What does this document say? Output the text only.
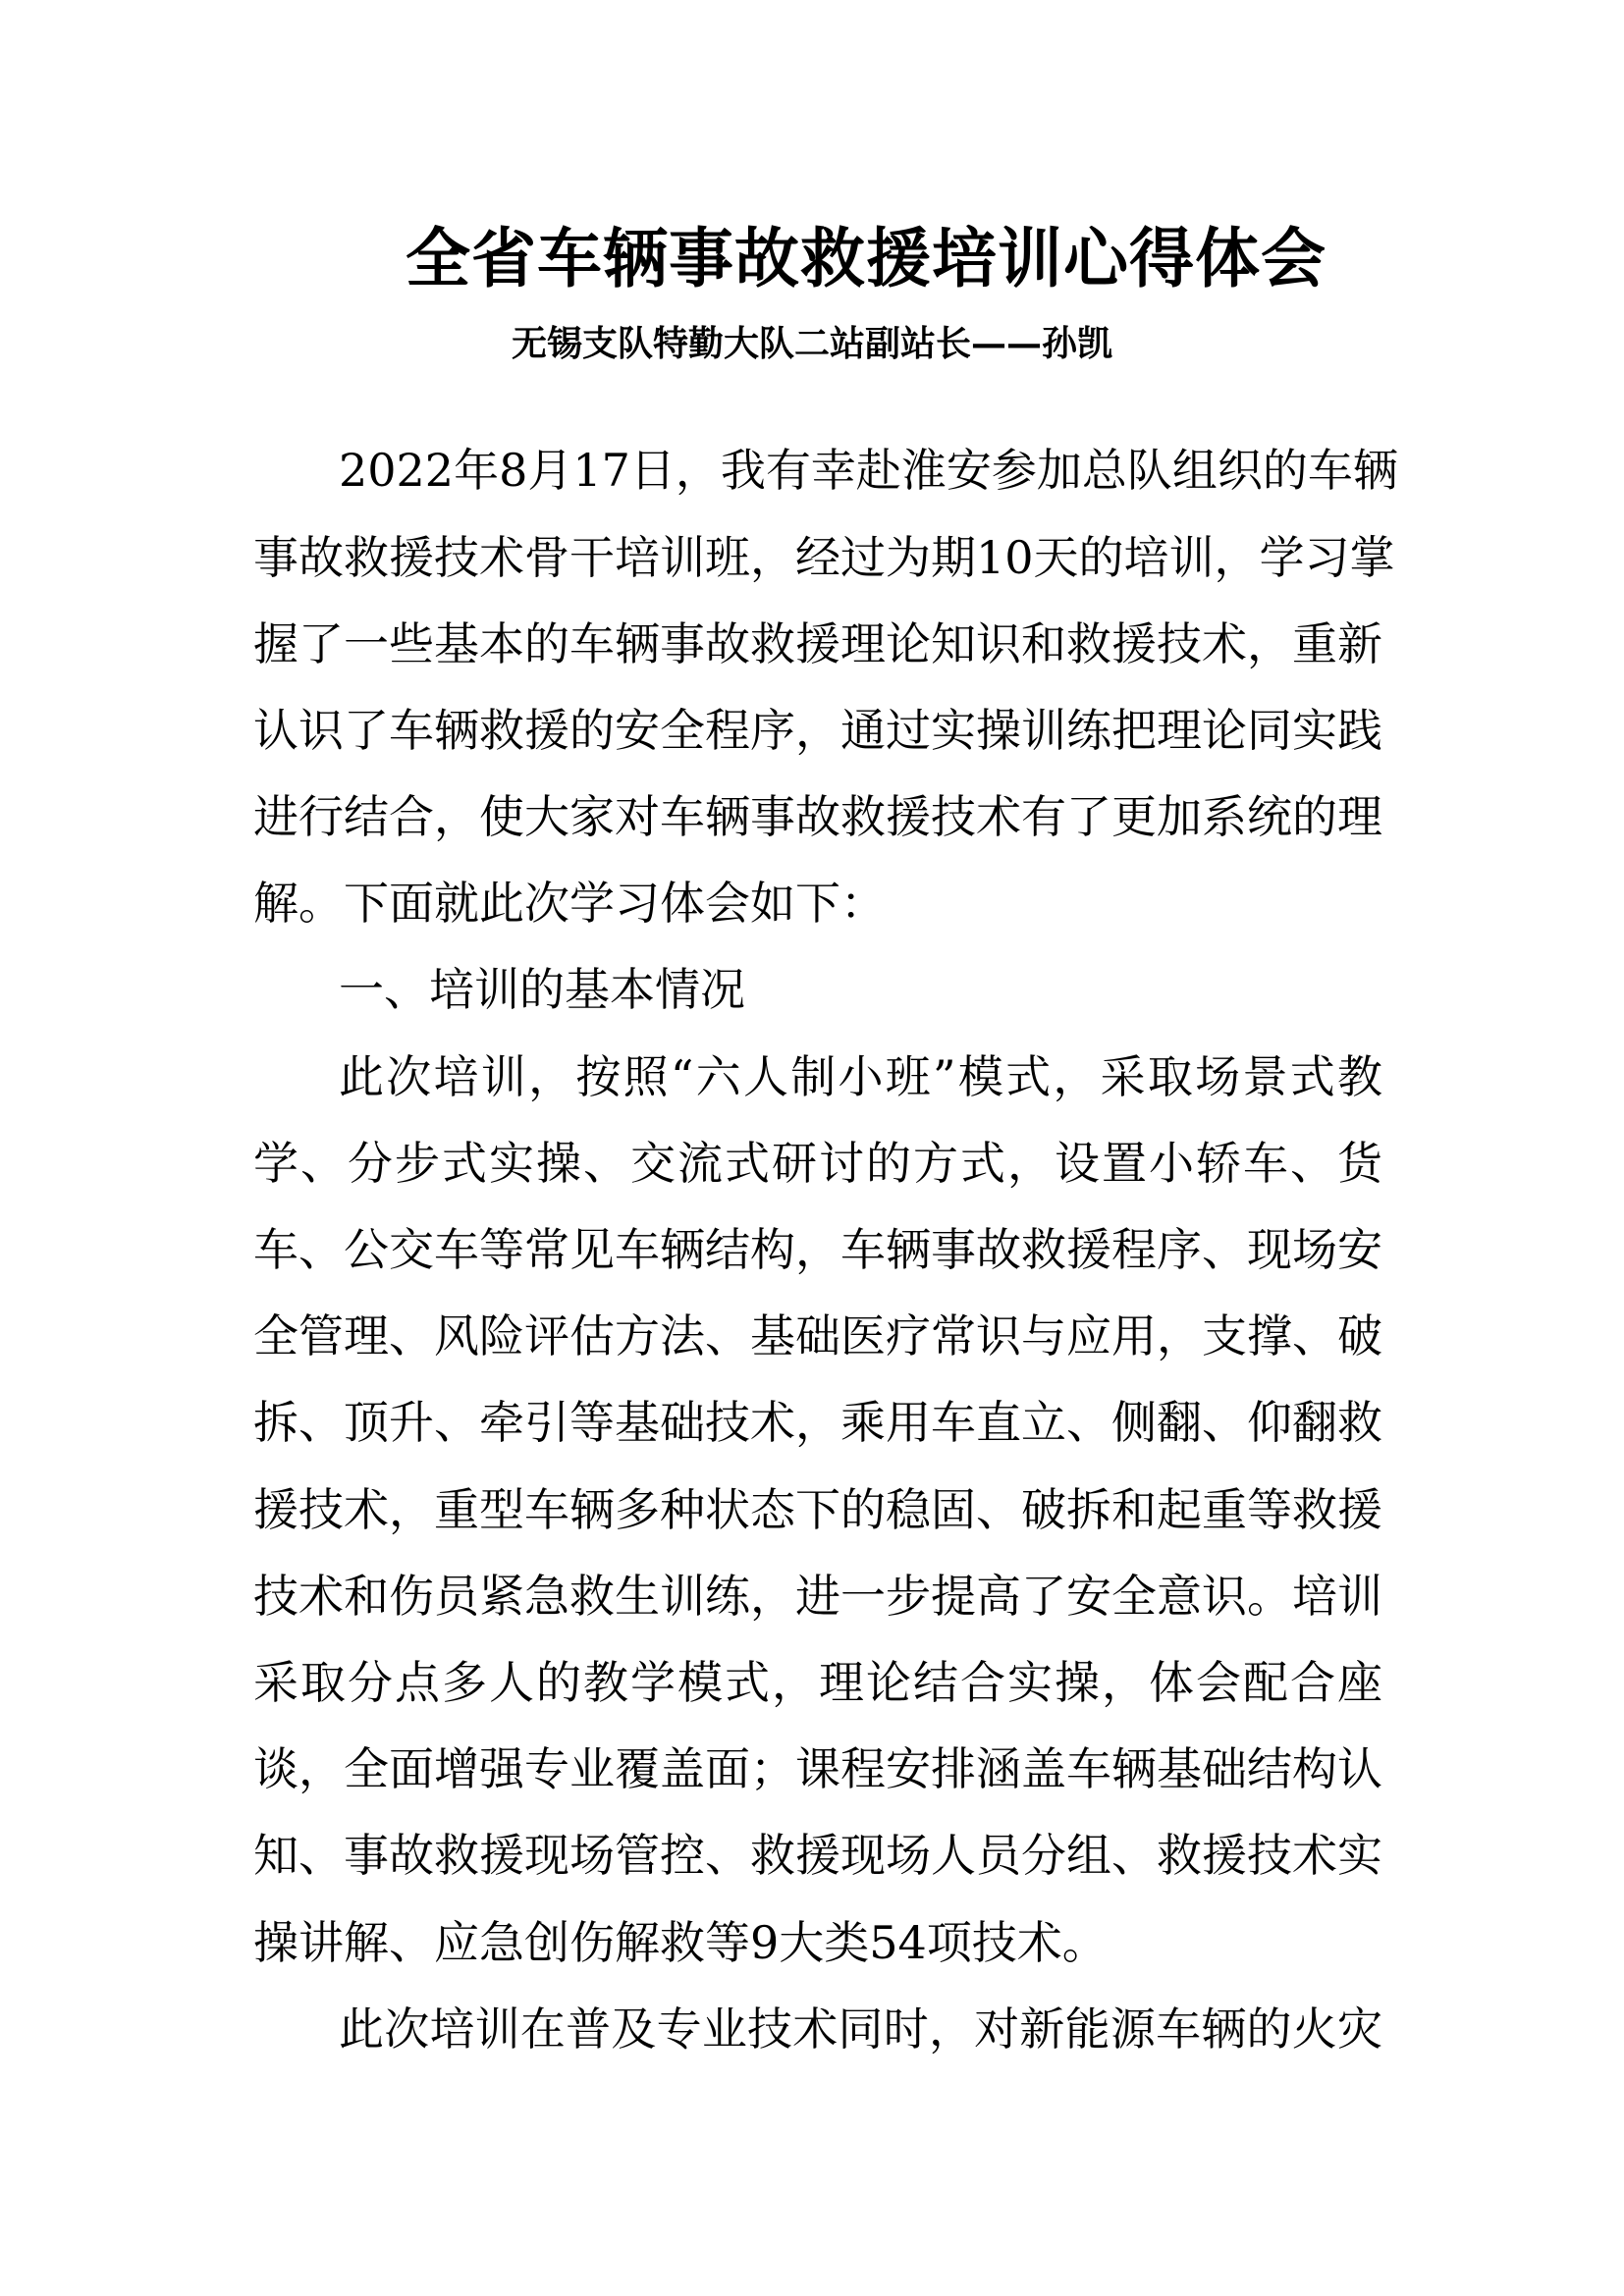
全省车辆事故救援培训心得体会
无锡支队特勤大队二站副站长——孙凯
2022年8月17日，我有幸赴淮安参加总队组织的车辆
事故救援技术骨干培训班，经过为期10天的培训，学习掌
握了一些基本的车辆事故救援理论知识和救援技术，重新
认识了车辆救援的安全程序，通过实操训练把理论同实践
进行结合，使大家对车辆事故救援技术有了更加系统的理
解。下面就此次学习体会如下：
一、培训的基本情况
此次培训，按照“六人制小班”模式，采取场景式教
学、分步式实操、交流式研讨的方式，设置小轿车、货
车、公交车等常见车辆结构，车辆事故救援程序、现场安
全管理、风险评估方法、基础医疗常识与应用，支撑、破
拆、顶升、牵引等基础技术，乘用车直立、侧翻、仰翻救
援技术，重型车辆多种状态下的稳固、破拆和起重等救援
技术和伤员紧急救生训练，进一步提高了安全意识。培训
采取分点多人的教学模式，理论结合实操，体会配合座
谈，全面增强专业覆盖面；课程安排涵盖车辆基础结构认
知、事故救援现场管控、救援现场人员分组、救援技术实
操讲解、应急创伤解救等9大类54项技术。
此次培训在普及专业技术同时，对新能源车辆的火灾
